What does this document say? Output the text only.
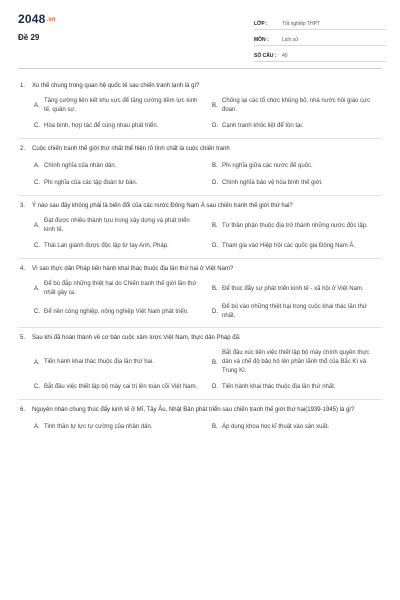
2048.vn
Đề 29
LỚP :	Tốt nghiệp THPT
MÔN :	Lịch sử
SỐ CÂU :	40
1.	Xu thế chung trong quan hệ quốc tế sau chiến tranh lạnh là gì?
A.
Tăng cường liên kết khu vực để tăng cường tiềm lực kinh tế, quân sự.
B.
Chống lại các tổ chức khủng bố, nhà nước hồi giáo cực đoan.
C. Hòa bình, hợp tác để cùng nhau phát triển.	D. Cạnh tranh khốc liệt để tồn tại.
2.	Cuộc chiến tranh thế giới thứ nhất thể hiện rõ tính chất là cuộc chiến tranh
A. Chính nghĩa của nhân dân.	B. Phi nghĩa giữa các nước đế quốc.
C. Phi nghĩa của các tập đoàn tư bản.	D. Chính nghĩa bảo vệ hòa bình thế giới.
3.	Ý nào sau đây không phải là biến đổi của các nước Đông Nam Á sau chiến tranh thế giới thứ hai?
A.
Đạt được nhiều thành tựu trong xây dựng và phát triển kinh tế.
B. Từ thân phận thuộc địa trở thành những nước độc lập.
C. Thái Lan giành được độc lập từ tay Anh, Pháp.	D. Tham gia vào Hiệp hội các quốc gia Đông Nam Á.
4.	Vì sao thực dân Pháp tiến hành khai thác thuộc địa lần thứ hai ở Việt Nam?
A.
Để bù đắp những thiệt hại do Chiến tranh thế giới lần thứ nhất gây ra.
B. Để thúc đẩy sự phát triển kinh tế - xã hội ở Việt Nam.
C. Để nền công nghiệp, nông nghiệp Việt Nam phát triển.	D.
Để bù vào những thiệt hại trong cuộc khai thác lần thứ nhất.
5.	Sau khi đã hoàn thành về cơ bản cuộc xâm lược Việt Nam, thực dân Pháp đã:
A. Tiến hành khai thác thuộc địa lần thứ hai.	B.
Bắt đầu xúc tiến việc thiết lập bộ máy chính quyền thực dân và chế độ bảo hộ lên phần lãnh thổ của Bắc Kì và Trung Kì.
C. Bắt đầu việc thiết lập bộ máy cai trị lên toàn cõi Việt Nam.	D. Tiến hành khai thác thuộc địa lần thứ nhất.
6.	Nguyên nhân chung thúc đẩy kinh tế ở Mĩ, Tây Âu, Nhật Bản phát triển sau chiến tranh thế giới thứ hai(1939-1945) là gì?
A. Tinh thần tự lực tự cường của nhân dân.	B. Áp dụng khoa học kĩ thuật vào sản xuất.
